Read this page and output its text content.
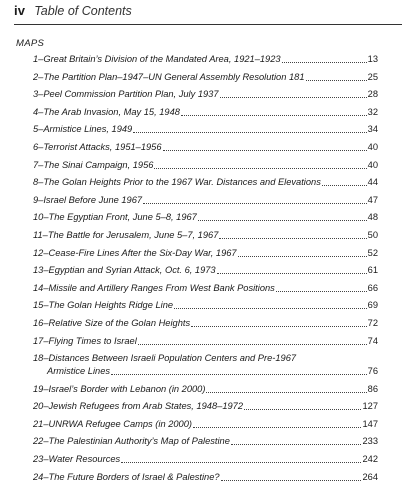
iv Table of Contents
MAPS
1–Great Britain’s Division of the Mandated Area, 1921–1923	13
2–The Partition Plan–1947–UN General Assembly Resolution 181	25
3–Peel Commission Partition Plan, July 1937	28
4–The Arab Invasion, May 15, 1948	32
5–Armistice Lines, 1949	34
6–Terrorist Attacks, 1951–1956	40
7–The Sinai Campaign, 1956	40
8–The Golan Heights Prior to the 1967 War. Distances and Elevations	44
9–Israel Before June 1967	47
10–The Egyptian Front, June 5–8, 1967	48
11–The Battle for Jerusalem, June 5–7, 1967	50
12–Cease-Fire Lines After the Six-Day War, 1967	52
13–Egyptian and Syrian Attack, Oct. 6, 1973	61
14–Missile and Artillery Ranges From West Bank Positions	66
15–The Golan Heights Ridge Line	69
16–Relative Size of the Golan Heights	72
17–Flying Times to Israel	74
18–Distances Between Israeli Population Centers and Pre-1967
Armistice Lines	76
19–Israel’s Border with Lebanon (in 2000)	86
20–Jewish Refugees from Arab States, 1948–1972	127
21–UNRWA Refugee Camps (in 2000)	147
22–The Palestinian Authority’s Map of Palestine	233
23–Water Resources	242
24–The Future Borders of Israel & Palestine?	264
